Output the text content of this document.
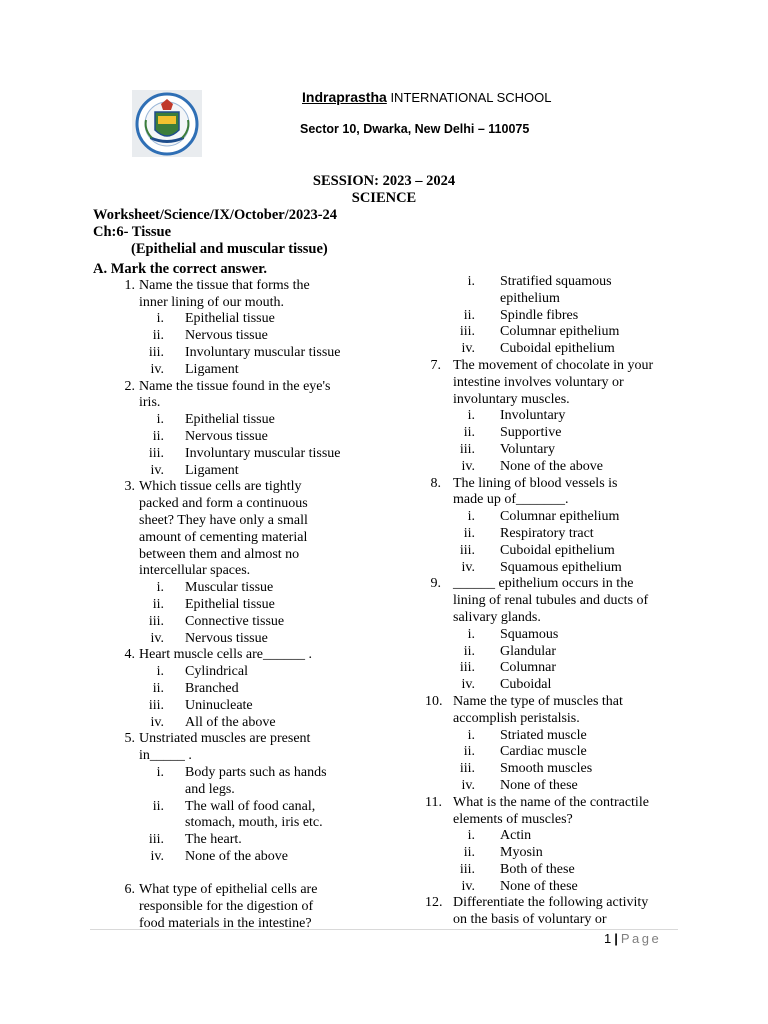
Indraprastha INTERNATIONAL SCHOOL
Sector 10, Dwarka, New Delhi – 110075
SESSION: 2023 – 2024
SCIENCE
Worksheet/Science/IX/October/2023-24
Ch:6- Tissue
(Epithelial and muscular tissue)
A. Mark the correct answer.
1. Name the tissue that forms the
inner lining of our mouth.
i. Epithelial tissue
ii. Nervous tissue
iii. Involuntary muscular tissue
iv. Ligament
2. Name the tissue found in the eye's
iris.
i. Epithelial tissue
ii. Nervous tissue
iii. Involuntary muscular tissue
iv. Ligament
3. Which tissue cells are tightly
packed and form a continuous
sheet? They have only a small
amount of cementing material
between them and almost no
intercellular spaces.
i. Muscular tissue
ii. Epithelial tissue
iii. Connective tissue
iv. Nervous tissue
4. Heart muscle cells are______ .
i. Cylindrical
ii. Branched
iii. Uninucleate
iv. All of the above
5. Unstriated muscles are present
in_____ .
i. Body parts such as hands
and legs.
ii. The wall of food canal,
stomach, mouth, iris etc.
iii. The heart.
iv. None of the above
6. What type of epithelial cells are
responsible for the digestion of
food materials in the intestine?
i. Stratified squamous
epithelium
ii. Spindle fibres
iii. Columnar epithelium
iv. Cuboidal epithelium
7. The movement of chocolate in your
intestine involves voluntary or
involuntary muscles.
i. Involuntary
ii. Supportive
iii. Voluntary
iv. None of the above
8. The lining of blood vessels is
made up of_______.
i. Columnar epithelium
ii. Respiratory tract
iii. Cuboidal epithelium
iv. Squamous epithelium
9. ______ epithelium occurs in the
lining of renal tubules and ducts of
salivary glands.
i. Squamous
ii. Glandular
iii. Columnar
iv. Cuboidal
10. Name the type of muscles that
accomplish peristalsis.
i. Striated muscle
ii. Cardiac muscle
iii. Smooth muscles
iv. None of these
11. What is the name of the contractile
elements of muscles?
i. Actin
ii. Myosin
iii. Both of these
iv. None of these
12. Differentiate the following activity
on the basis of voluntary or
1 | Page
